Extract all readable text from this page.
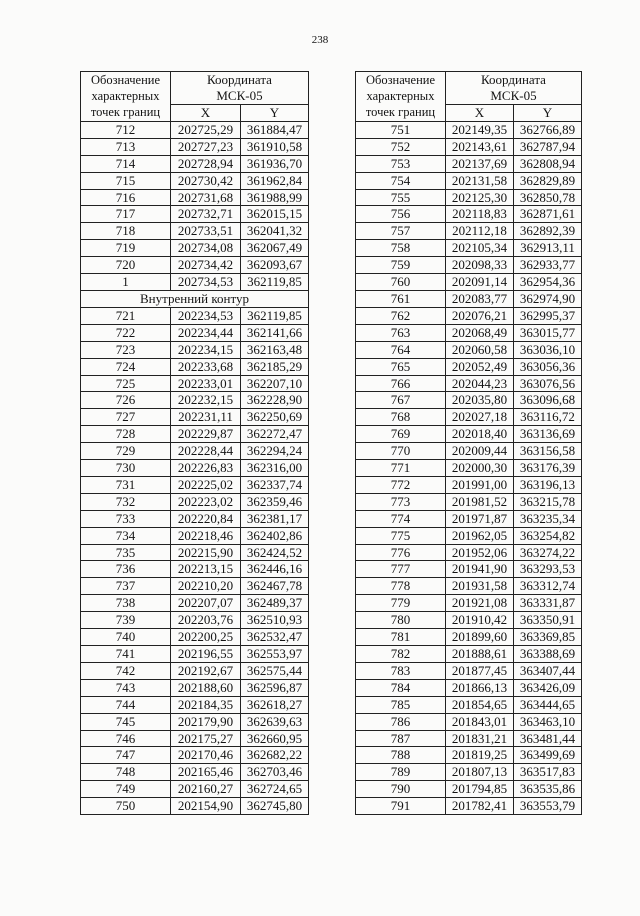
238
Обозначение
характерных
точек границ	Координата
МСК-05	
	X	Y
712	202725,29	361884,47
713	202727,23	361910,58
714	202728,94	361936,70
715	202730,42	361962,84
716	202731,68	361988,99
717	202732,71	362015,15
718	202733,51	362041,32
719	202734,08	362067,49
720	202734,42	362093,67
1	202734,53	362119,85
Внутренний контур		
721	202234,53	362119,85
722	202234,44	362141,66
723	202234,15	362163,48
724	202233,68	362185,29
725	202233,01	362207,10
726	202232,15	362228,90
727	202231,11	362250,69
728	202229,87	362272,47
729	202228,44	362294,24
730	202226,83	362316,00
731	202225,02	362337,74
732	202223,02	362359,46
733	202220,84	362381,17
734	202218,46	362402,86
735	202215,90	362424,52
736	202213,15	362446,16
737	202210,20	362467,78
738	202207,07	362489,37
739	202203,76	362510,93
740	202200,25	362532,47
741	202196,55	362553,97
742	202192,67	362575,44
743	202188,60	362596,87
744	202184,35	362618,27
745	202179,90	362639,63
746	202175,27	362660,95
747	202170,46	362682,22
748	202165,46	362703,46
749	202160,27	362724,65
750	202154,90	362745,80
Обозначение
характерных
точек границ	Координата
МСК-05	
	X	Y
751	202149,35	362766,89
752	202143,61	362787,94
753	202137,69	362808,94
754	202131,58	362829,89
755	202125,30	362850,78
756	202118,83	362871,61
757	202112,18	362892,39
758	202105,34	362913,11
759	202098,33	362933,77
760	202091,14	362954,36
761	202083,77	362974,90
762	202076,21	362995,37
763	202068,49	363015,77
764	202060,58	363036,10
765	202052,49	363056,36
766	202044,23	363076,56
767	202035,80	363096,68
768	202027,18	363116,72
769	202018,40	363136,69
770	202009,44	363156,58
771	202000,30	363176,39
772	201991,00	363196,13
773	201981,52	363215,78
774	201971,87	363235,34
775	201962,05	363254,82
776	201952,06	363274,22
777	201941,90	363293,53
778	201931,58	363312,74
779	201921,08	363331,87
780	201910,42	363350,91
781	201899,60	363369,85
782	201888,61	363388,69
783	201877,45	363407,44
784	201866,13	363426,09
785	201854,65	363444,65
786	201843,01	363463,10
787	201831,21	363481,44
788	201819,25	363499,69
789	201807,13	363517,83
790	201794,85	363535,86
791	201782,41	363553,79
